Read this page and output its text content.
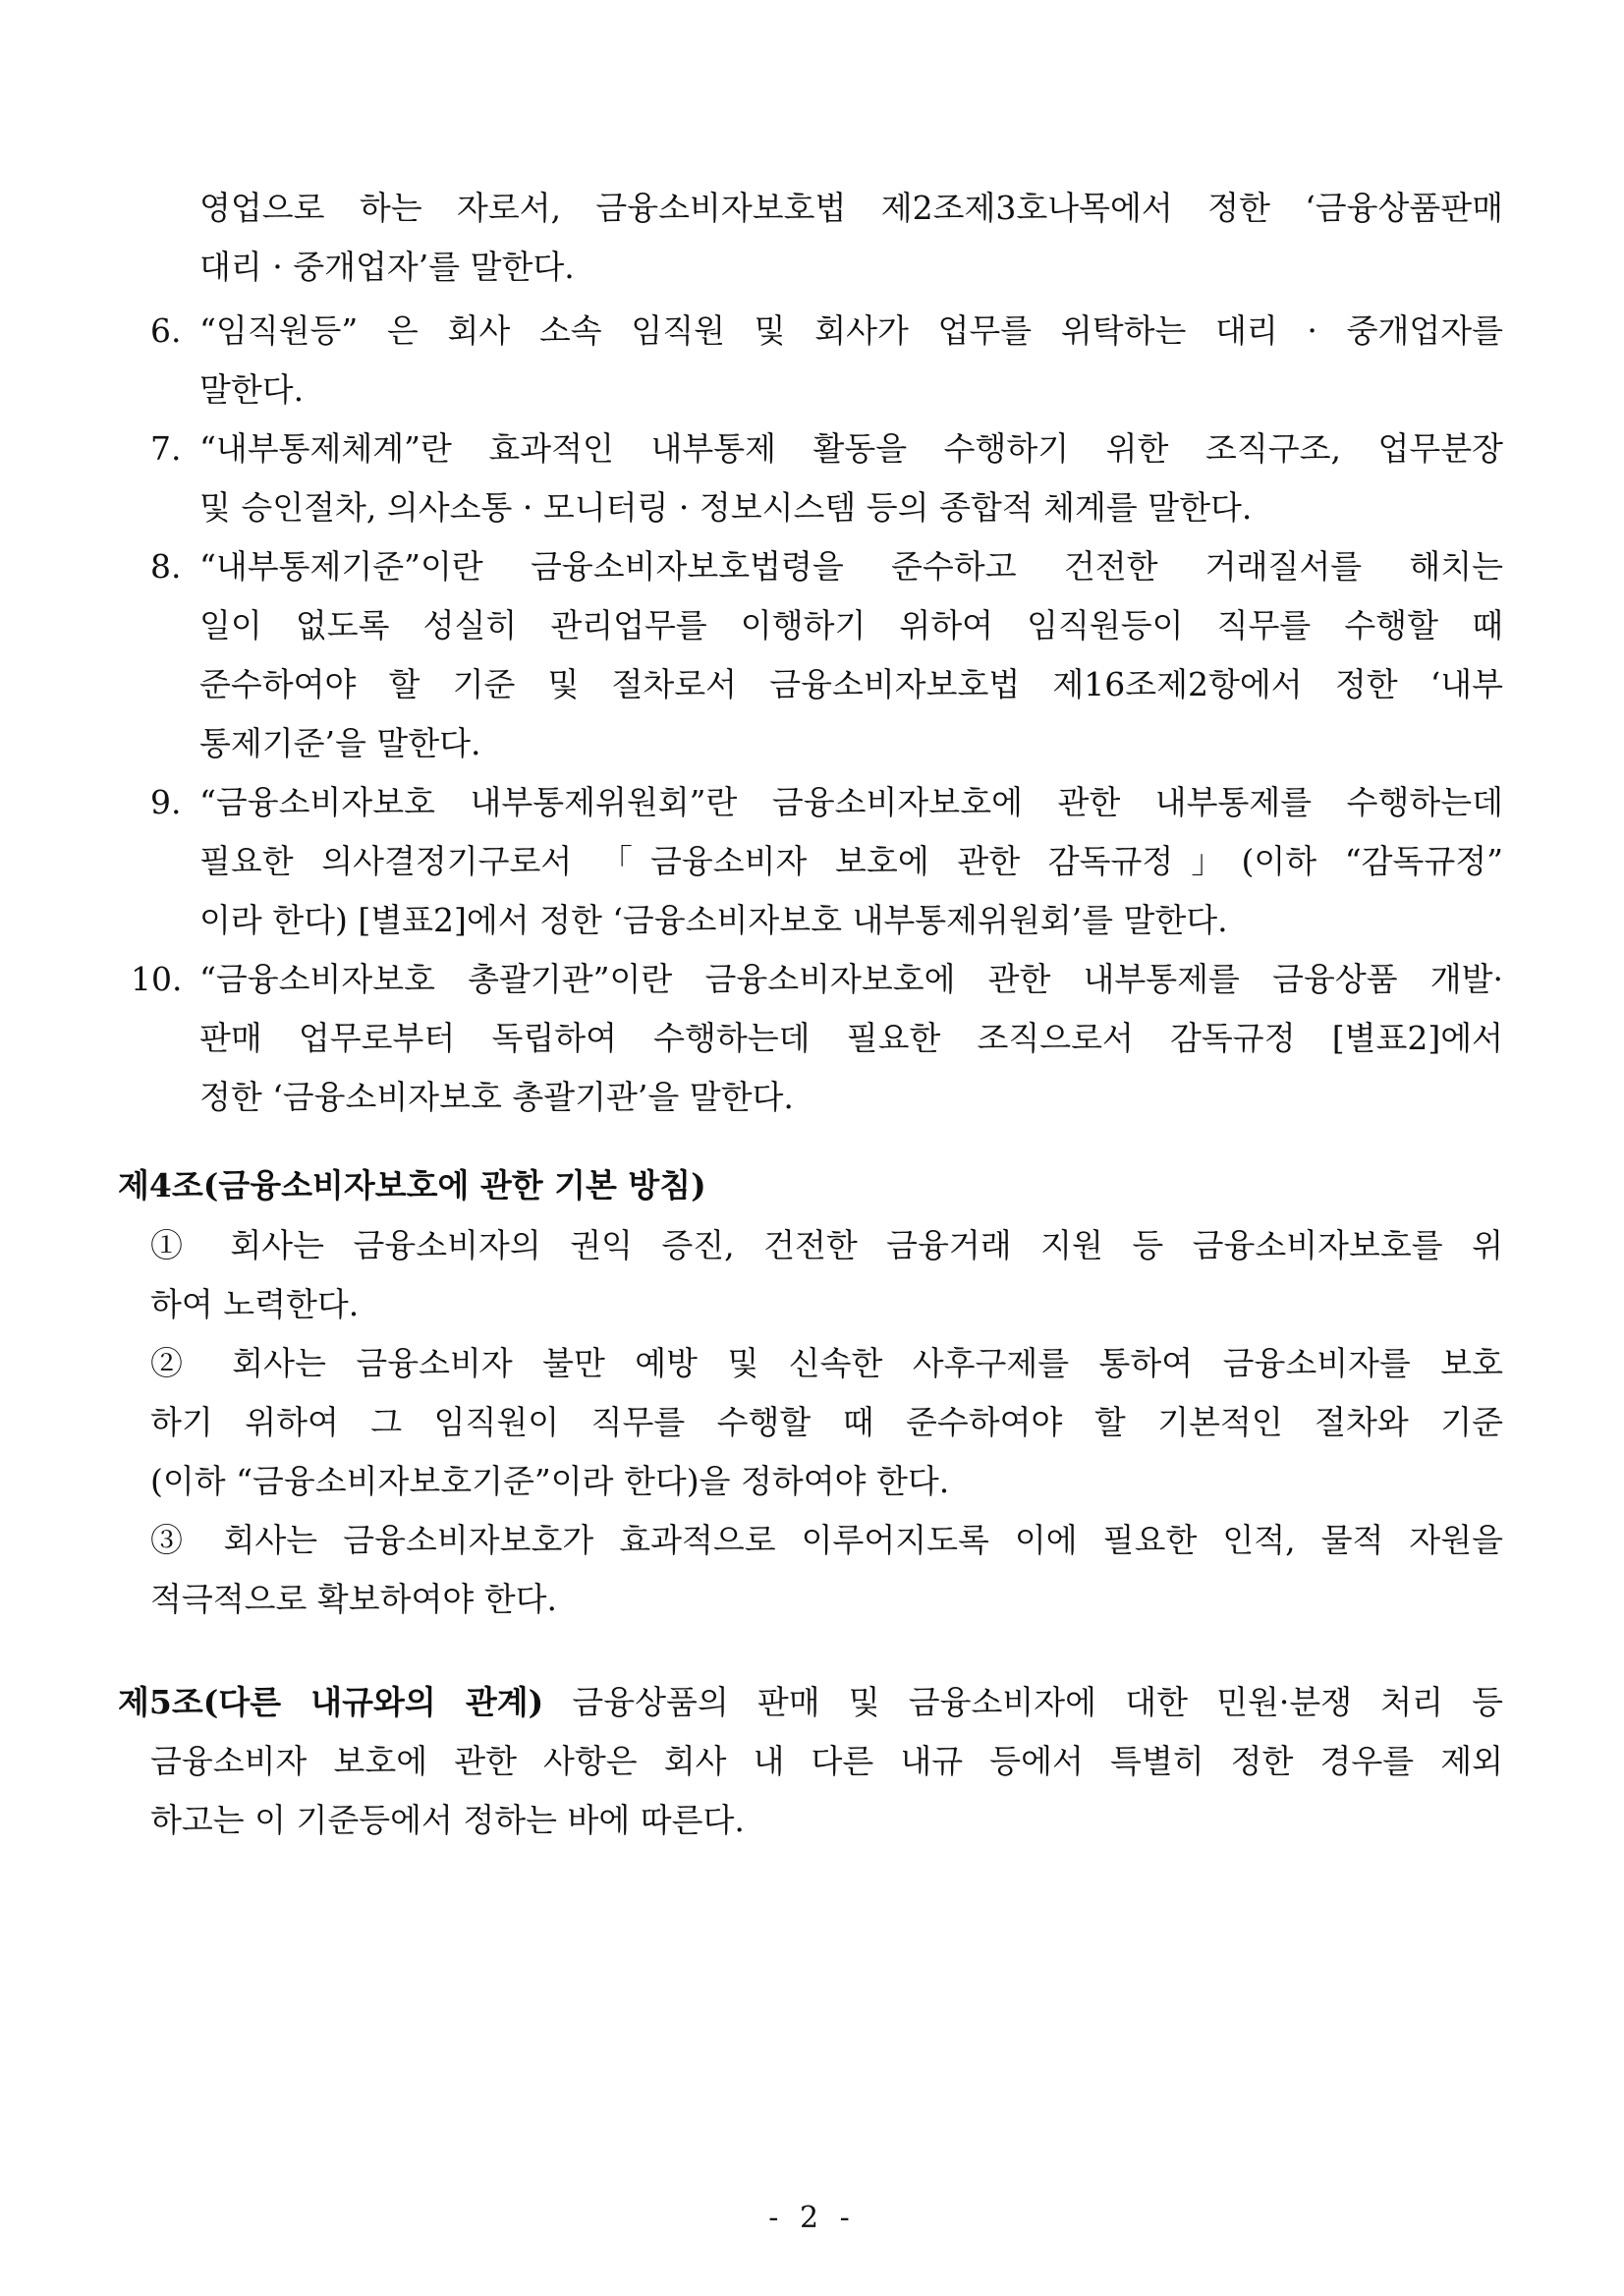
영업으로 하는 자로서, 금융소비자보호법 제2조제3호나목에서 정한 ‘금융상품판매
대리 · 중개업자’를 말한다.
6. “임직원등” 은 회사 소속 임직원 및 회사가 업무를 위탁하는 대리 · 중개업자를
말한다.
7. “내부통제체계”란 효과적인 내부통제 활동을 수행하기 위한 조직구조, 업무분장
및 승인절차, 의사소통 · 모니터링 · 정보시스템 등의 종합적 체계를 말한다.
8. “내부통제기준”이란 금융소비자보호법령을 준수하고 건전한 거래질서를 해치는
일이 없도록 성실히 관리업무를 이행하기 위하여 임직원등이 직무를 수행할 때
준수하여야 할 기준 및 절차로서 금융소비자보호법 제16조제2항에서 정한 ‘내부
통제기준’을 말한다.
9. “금융소비자보호 내부통제위원회”란 금융소비자보호에 관한 내부통제를 수행하는데
필요한 의사결정기구로서 「금융소비자 보호에 관한 감독규정」(이하 “감독규정”
이라 한다) [별표2]에서 정한 ‘금융소비자보호 내부통제위원회’를 말한다.
10. “금융소비자보호 총괄기관”이란 금융소비자보호에 관한 내부통제를 금융상품 개발·
판매 업무로부터 독립하여 수행하는데 필요한 조직으로서 감독규정 [별표2]에서
정한 ‘금융소비자보호 총괄기관’을 말한다.
제4조(금융소비자보호에 관한 기본 방침)
① 회사는 금융소비자의 권익 증진, 건전한 금융거래 지원 등 금융소비자보호를 위
하여 노력한다.
② 회사는 금융소비자 불만 예방 및 신속한 사후구제를 통하여 금융소비자를 보호
하기 위하여 그 임직원이 직무를 수행할 때 준수하여야 할 기본적인 절차와 기준
(이하 “금융소비자보호기준”이라 한다)을 정하여야 한다.
③ 회사는 금융소비자보호가 효과적으로 이루어지도록 이에 필요한 인적, 물적 자원을
적극적으로 확보하여야 한다.
제5조(다른 내규와의 관계) 금융상품의 판매 및 금융소비자에 대한 민원·분쟁 처리 등
금융소비자 보호에 관한 사항은 회사 내 다른 내규 등에서 특별히 정한 경우를 제외
하고는 이 기준등에서 정하는 바에 따른다.
- 2 -
